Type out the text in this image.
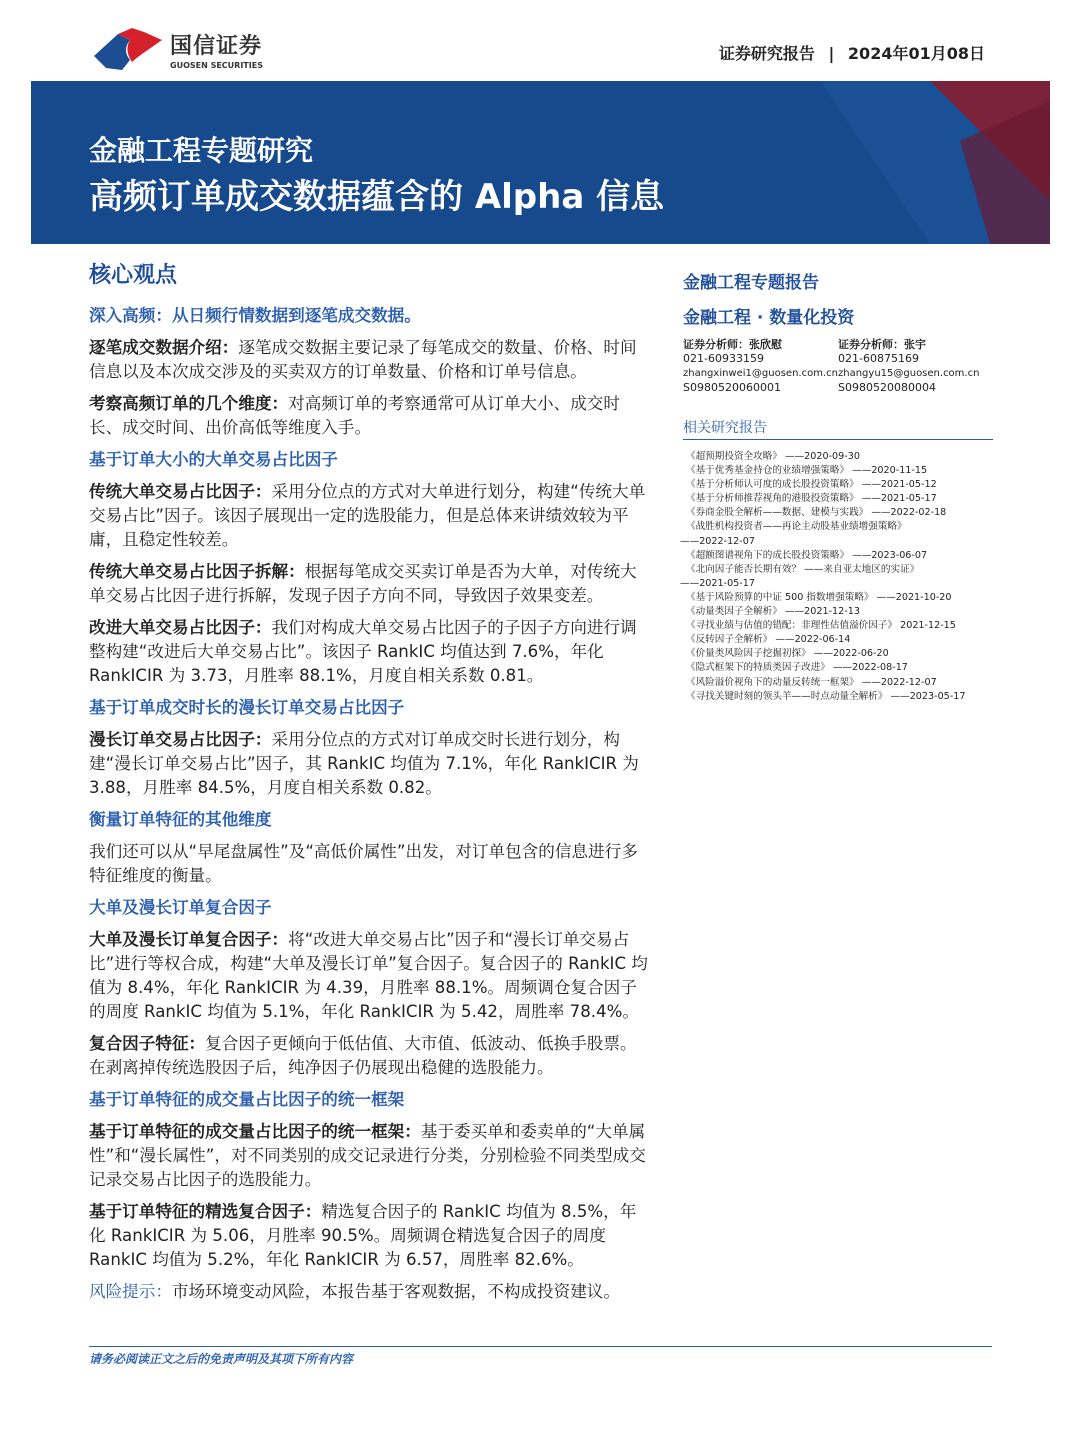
国信证券
GUOSEN SECURITIES
证券研究报告 | 2024年01月08日
金融工程专题研究
高频订单成交数据蕴含的 Alpha 信息
核心观点
深入高频：从日频行情数据到逐笔成交数据。

逐笔成交数据介绍：逐笔成交数据主要记录了每笔成交的数量、价格、时间信息以及本次成交涉及的买卖双方的订单数量、价格和订单号信息。

考察高频订单的几个维度：对高频订单的考察通常可从订单大小、成交时长、成交时间、出价高低等维度入手。

基于订单大小的大单交易占比因子

传统大单交易占比因子：采用分位点的方式对大单进行划分，构建“传统大单交易占比”因子。该因子展现出一定的选股能力，但是总体来讲绩效较为平庸，且稳定性较差。

传统大单交易占比因子拆解：根据每笔成交买卖订单是否为大单，对传统大单交易占比因子进行拆解，发现子因子方向不同，导致因子效果变差。

改进大单交易占比因子：我们对构成大单交易占比因子的子因子方向进行调整构建“改进后大单交易占比”。该因子 RankIC 均值达到 7.6%，年化 RankICIR 为 3.73，月胜率 88.1%，月度自相关系数 0.81。

基于订单成交时长的漫长订单交易占比因子

漫长订单交易占比因子：采用分位点的方式对订单成交时长进行划分，构建“漫长订单交易占比”因子，其 RankIC 均值为 7.1%，年化 RankICIR 为 3.88，月胜率 84.5%，月度自相关系数 0.82。

衡量订单特征的其他维度

我们还可以从“早尾盘属性”及“高低价属性”出发，对订单包含的信息进行多特征维度的衡量。

大单及漫长订单复合因子

大单及漫长订单复合因子：将“改进大单交易占比”因子和“漫长订单交易占比”进行等权合成，构建“大单及漫长订单”复合因子。复合因子的 RankIC 均值为 8.4%，年化 RankICIR 为 4.39，月胜率 88.1%。周频调仓复合因子的周度 RankIC 均值为 5.1%，年化 RankICIR 为 5.42，周胜率 78.4%。

复合因子特征：复合因子更倾向于低估值、大市值、低波动、低换手股票。在剥离掉传统选股因子后，纯净因子仍展现出稳健的选股能力。

基于订单特征的成交量占比因子的统一框架

基于订单特征的成交量占比因子的统一框架：基于委买单和委卖单的“大单属性”和“漫长属性”，对不同类别的成交记录进行分类，分别检验不同类型成交记录交易占比因子的选股能力。

基于订单特征的精选复合因子：精选复合因子的 RankIC 均值为 8.5%，年化 RankICIR 为 5.06，月胜率 90.5%。周频调仓精选复合因子的周度 RankIC 均值为 5.2%，年化 RankICIR 为 6.57，周胜率 82.6%。

风险提示：市场环境变动风险，本报告基于客观数据，不构成投资建议。

金融工程专题报告
金融工程 · 数量化投资
证券分析师：张欣慰
021-60933159
zhangxinwei1@guosen.com.cn
S0980520060001
证券分析师：张宇
021-60875169
zhangyu15@guosen.com.cn
S0980520080004
相关研究报告
《超预期投资全攻略》 ——2020-09-30
《基于优秀基金持仓的业绩增强策略》 ——2020-11-15
《基于分析师认可度的成长股投资策略》 ——2021-05-12
《基于分析师推荐视角的港股投资策略》 ——2021-05-17
《券商金股全解析——数据、建模与实践》 ——2022-02-18
《战胜机构投资者——再论主动股基业绩增强策略》
——2022-12-07
《超额图谱视角下的成长股投资策略》 ——2023-06-07
《北向因子能否长期有效？ ——来自亚太地区的实证》
——2021-05-17
《基于风险预算的中证 500 指数增强策略》 ——2021-10-20
《动量类因子全解析》 ——2021-12-13
《寻找业绩与估值的错配：非理性估值溢价因子》 2021-12-15
《反转因子全解析》 ——2022-06-14
《价量类风险因子挖掘初探》 ——2022-06-20
《隐式框架下的特质类因子改进》 ——2022-08-17
《风险溢价视角下的动量反转统一框架》 ——2022-12-07
《寻找关键时刻的领头羊——时点动量全解析》 ——2023-05-17
请务必阅读正文之后的免责声明及其项下所有内容
